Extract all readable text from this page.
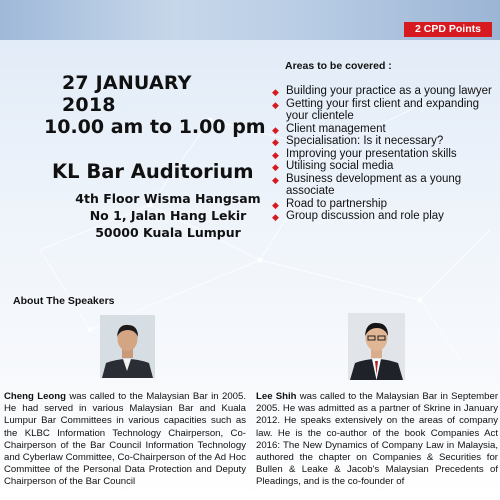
2 CPD Points
27 JANUARY 2018
10.00 am to 1.00 pm
KL Bar Auditorium
4th Floor Wisma Hangsam
No 1, Jalan Hang Lekir
50000 Kuala Lumpur
Areas to be covered :
◆ Building your practice as a young lawyer
◆ Getting your first client and expanding your clientele
◆ Client management
◆ Specialisation: Is it necessary?
◆ Improving your presentation skills
◆ Utilising social media
◆ Business development as a young associate
◆ Road to partnership
◆ Group discussion and role play
About The Speakers
Cheng Leong was called to the Malaysian Bar in 2005. He had served in various Malaysian Bar and Kuala Lumpur Bar Committees in various capacities such as the KLBC Information Technology Chairperson, Co-Chairperson of the Bar Council Information Technology and Cyberlaw Committee, Co-Chairperson of the Ad Hoc Committee of the Personal Data Protection and Deputy Chairperson of the Bar Council
Lee Shih was called to the Malaysian Bar in September 2005. He was admitted as a partner of Skrine in January 2012. He speaks extensively on the areas of company law. He is the co-author of the book Companies Act 2016: The New Dynamics of Company Law in Malaysia, authored the chapter on Companies & Securities for Bullen & Leake & Jacob's Malaysian Precedents of Pleadings, and is the co-founder of
